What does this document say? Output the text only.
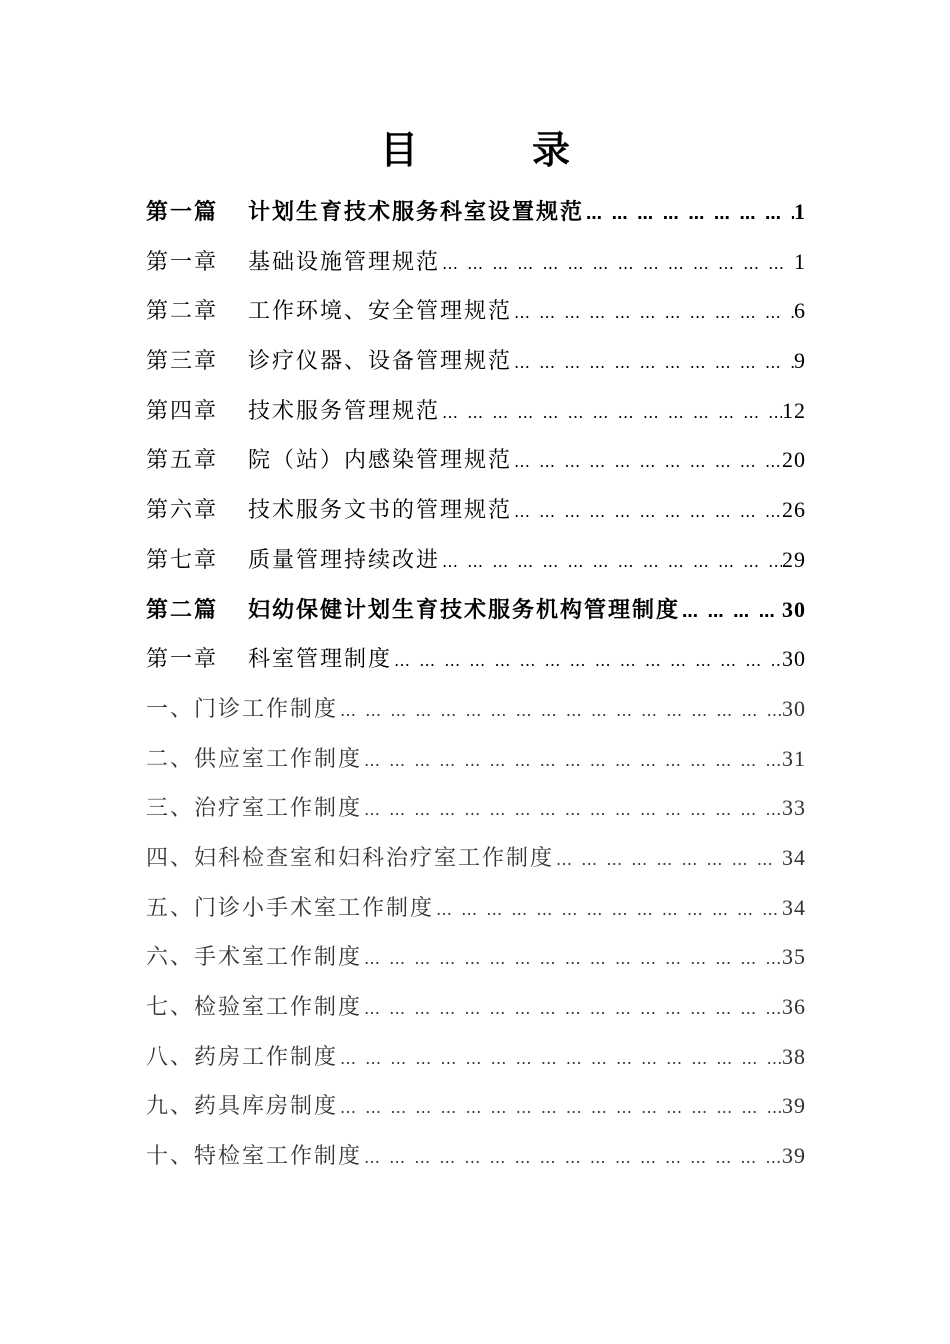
目　录
第一篇 计划生育技术服务科室设置规范 … … … … … … … … … … … … … … … … … … … … … … … … … … … … … … … … … … … … … … … …	1
第一章 基础设施管理规范 … … … … … … … … … … … … … … … … … … … … … … … … … … … … … … … … … … … … … … … …	1
第二章 工作环境、安全管理规范 … … … … … … … … … … … … … … … … … … … … … … … … … … … … … … … … … … … … … … … …	6
第三章 诊疗仪器、设备管理规范 … … … … … … … … … … … … … … … … … … … … … … … … … … … … … … … … … … … … … … … …	9
第四章 技术服务管理规范 … … … … … … … … … … … … … … … … … … … … … … … … … … … … … … … … … … … … … … … …	12
第五章 院（站）内感染管理规范 … … … … … … … … … … … … … … … … … … … … … … … … … … … … … … … … … … … … … … … …	20
第六章 技术服务文书的管理规范 … … … … … … … … … … … … … … … … … … … … … … … … … … … … … … … … … … … … … … … …	26
第七章 质量管理持续改进 … … … … … … … … … … … … … … … … … … … … … … … … … … … … … … … … … … … … … … … …	29
第二篇 妇幼保健计划生育技术服务机构管理制度 … … … … … … … … … … … … … … … … … … … … … … … … … … … … … … … … … … … … … … … …	30
第一章 科室管理制度 … … … … … … … … … … … … … … … … … … … … … … … … … … … … … … … … … … … … … … … …	30
一、门诊工作制度 … … … … … … … … … … … … … … … … … … … … … … … … … … … … … … … … … … … … … … … …	30
二、供应室工作制度 … … … … … … … … … … … … … … … … … … … … … … … … … … … … … … … … … … … … … … … …	31
三、治疗室工作制度 … … … … … … … … … … … … … … … … … … … … … … … … … … … … … … … … … … … … … … … …	33
四、妇科检查室和妇科治疗室工作制度 … … … … … … … … … … … … … … … … … … … … … … … … … … … … … … … … … … … … … … … …	34
五、门诊小手术室工作制度 … … … … … … … … … … … … … … … … … … … … … … … … … … … … … … … … … … … … … … … …	34
六、手术室工作制度 … … … … … … … … … … … … … … … … … … … … … … … … … … … … … … … … … … … … … … … …	35
七、检验室工作制度 … … … … … … … … … … … … … … … … … … … … … … … … … … … … … … … … … … … … … … … …	36
八、药房工作制度 … … … … … … … … … … … … … … … … … … … … … … … … … … … … … … … … … … … … … … … …	38
九、药具库房制度 … … … … … … … … … … … … … … … … … … … … … … … … … … … … … … … … … … … … … … … …	39
十、特检室工作制度 … … … … … … … … … … … … … … … … … … … … … … … … … … … … … … … … … … … … … … … …	39
